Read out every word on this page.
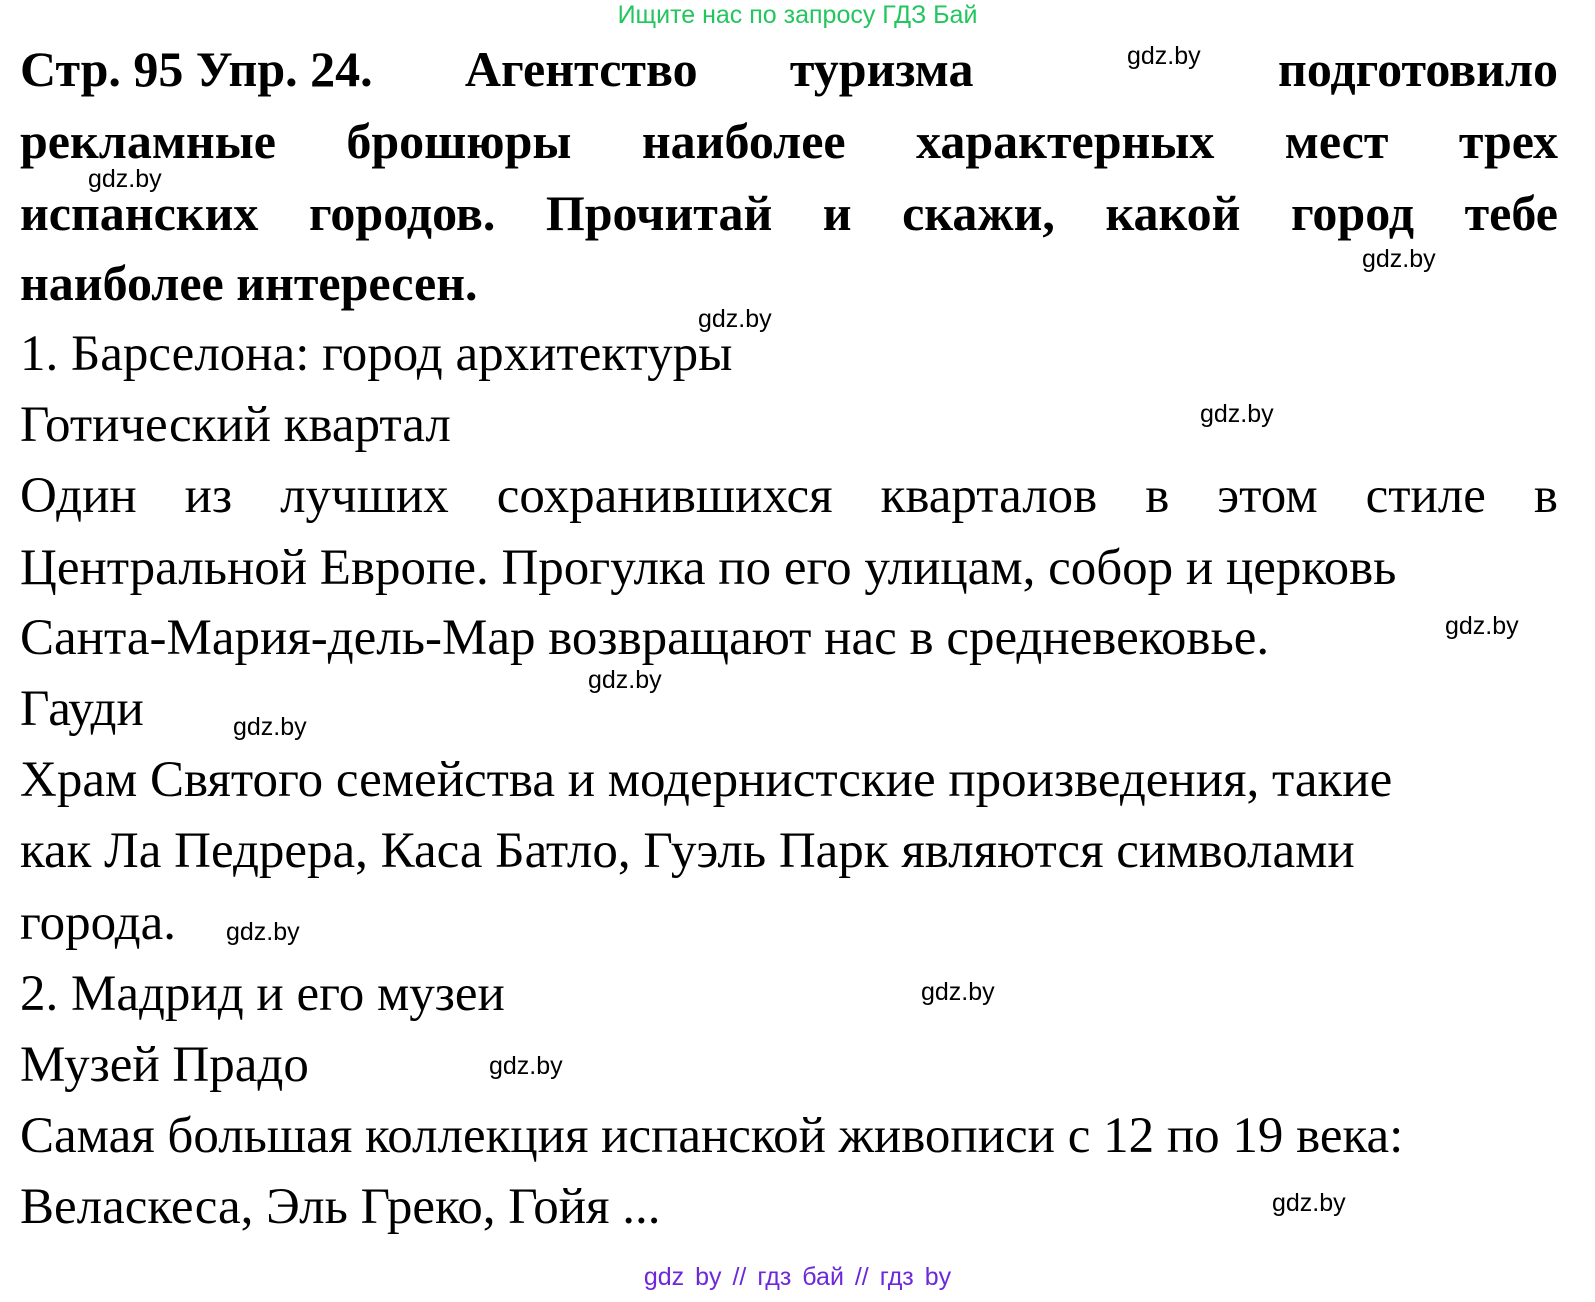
Ищите нас по запросу ГДЗ Бай
Стр. 95 Упр. 24. Агентство туризма	подготовило
рекламные брошюры наиболее характерных мест трех
испанских городов. Прочитай и скажи, какой город тебе
наиболее интересен.
1. Барселона: город архитектуры
Готический квартал
Один из лучших сохранившихся кварталов в этом стиле в
Центральной Европе. Прогулка по его улицам, собор и церковь
Санта-Мария-дель-Мар возвращают нас в средневековье.
Гауди
Храм Святого семейства и модернистские произведения, такие
как Ла Педрера, Каса Батло, Гуэль Парк являются символами
города.
2. Мадрид и его музеи
Музей Прадо
Самая большая коллекция испанской живописи с 12 по 19 века:
Веласкеса, Эль Греко, Гойя ...
gdz.by
gdz.by
gdz.by
gdz.by
gdz.by
gdz.by
gdz.by
gdz.by
gdz.by
gdz.by
gdz.by
gdz.by
gdz by // гдз бай // гдз by
